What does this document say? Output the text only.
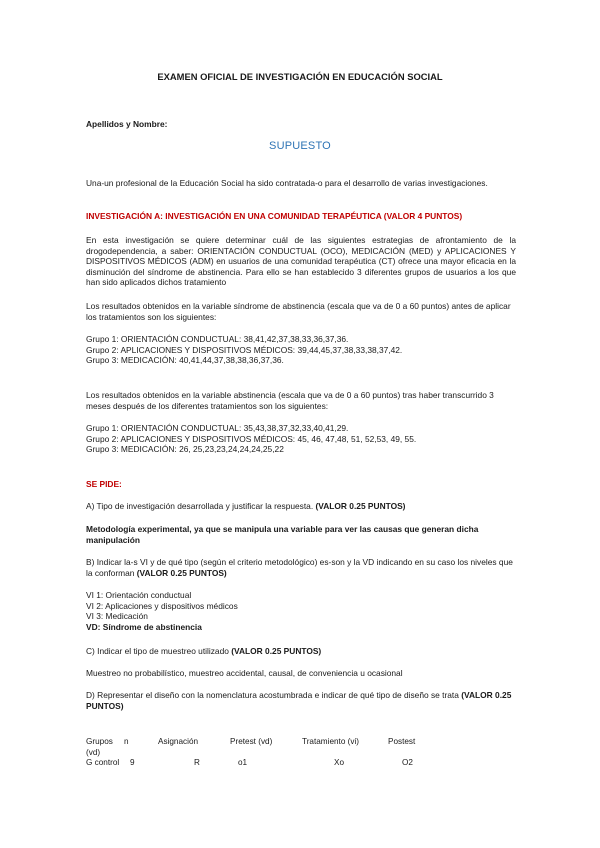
EXAMEN OFICIAL DE INVESTIGACIÓN EN EDUCACIÓN SOCIAL

Apellidos y Nombre:

SUPUESTO

Una-un profesional de la Educación Social ha sido contratada-o para el desarrollo de varias investigaciones.

INVESTIGACIÓN A: INVESTIGACIÓN EN UNA COMUNIDAD TERAPÉUTICA (VALOR 4 PUNTOS)

En esta investigación se quiere determinar cuál de las siguientes estrategias de afrontamiento de la drogodependencia, a saber: ORIENTACIÓN CONDUCTUAL (OCO), MEDICACIÓN (MED) y APLICACIONES Y DISPOSITIVOS MÉDICOS (ADM) en usuarios de una comunidad terapéutica (CT) ofrece una mayor eficacia en la disminución del síndrome de abstinencia. Para ello se han establecido 3 diferentes grupos de usuarios a los que han sido aplicados dichos tratamiento

Los resultados obtenidos en la variable síndrome de abstinencia (escala que va de 0 a 60 puntos) antes de aplicar los tratamientos son los siguientes:

Grupo 1: ORIENTACIÓN CONDUCTUAL: 38,41,42,37,38,33,36,37,36.
Grupo 2: APLICACIONES Y DISPOSITIVOS MÉDICOS: 39,44,45,37,38,33,38,37,42.
Grupo 3: MEDICACIÓN: 40,41,44,37,38,38,36,37,36.

Los resultados obtenidos en la variable abstinencia (escala que va de 0 a 60 puntos) tras haber transcurrido 3 meses después de los diferentes tratamientos son los siguientes:

Grupo 1: ORIENTACIÓN CONDUCTUAL: 35,43,38,37,32,33,40,41,29.
Grupo 2: APLICACIONES Y DISPOSITIVOS MÉDICOS: 45, 46, 47,48, 51, 52,53, 49, 55.
Grupo 3: MEDICACIÓN: 26, 25,23,23,24,24,24,25,22

SE PIDE:

A) Tipo de investigación desarrollada y justificar la respuesta. (VALOR 0.25 PUNTOS)

Metodología experimental, ya que se manipula una variable para ver las causas que generan dicha manipulación

B) Indicar la-s VI y de qué tipo (según el criterio metodológico) es-son y la VD indicando en su caso los niveles que la conforman (VALOR 0.25 PUNTOS)

VI 1: Orientación conductual
VI 2: Aplicaciones y dispositivos médicos
VI 3: Medicación
VD: Síndrome de abstinencia

C) Indicar el tipo de muestreo utilizado (VALOR 0.25 PUNTOS)

Muestreo no probabilístico, muestreo accidental, causal, de conveniencia u ocasional

D) Representar el diseño con la nomenclatura acostumbrada e indicar de qué tipo de diseño se trata (VALOR 0.25 PUNTOS)

Grupos
(vd)	n	Asignación	Pretest (vd)	Tratamiento (vi)	Postest
G control	9	R	o1	Xo	O2
